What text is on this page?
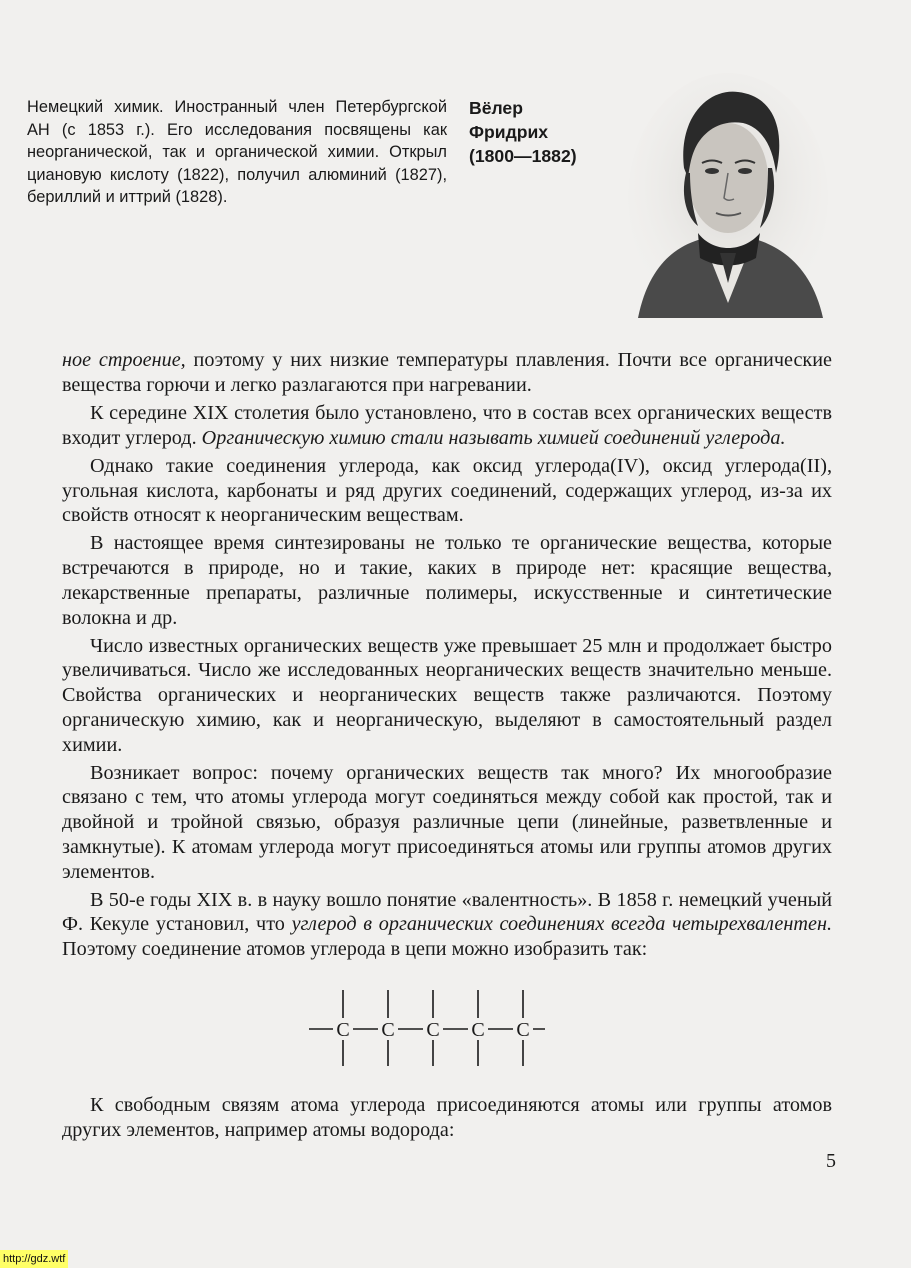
Немецкий химик. Иностранный член Петербургской АН (с 1853 г.). Его исследования посвящены как неорганической, так и органической химии. Открыл циановую кислоту (1822), получил алюминий (1827), бериллий и иттрий (1828).
Вёлер
Фридрих
(1800—1882)

ное строение, поэтому у них низкие температуры плавления. Почти все органические вещества горючи и легко разлагаются при нагревании.

К середине XIX столетия было установлено, что в состав всех органических веществ входит углерод. Органическую химию стали называть химией соединений углерода.

Однако такие соединения углерода, как оксид углерода(IV), оксид углерода(II), угольная кислота, карбонаты и ряд других соединений, содержащих углерод, из-за их свойств относят к неорганическим веществам.

В настоящее время синтезированы не только те органические вещества, которые встречаются в природе, но и такие, каких в природе нет: красящие вещества, лекарственные препараты, различные полимеры, искусственные и синтетические волокна и др.

Число известных органических веществ уже превышает 25 млн и продолжает быстро увеличиваться. Число же исследованных неорганических веществ значительно меньше. Свойства органических и неорганических веществ также различаются. Поэтому органическую химию, как и неорганическую, выделяют в самостоятельный раздел химии.

Возникает вопрос: почему органических веществ так много? Их многообразие связано с тем, что атомы углерода могут соединяться между собой как простой, так и двойной и тройной связью, образуя различные цепи (линейные, разветвленные и замкнутые). К атомам углерода могут присоединяться атомы или группы атомов других элементов.

В 50-е годы XIX в. в науку вошло понятие «валентность». В 1858 г. немецкий ученый Ф. Кекуле установил, что углерод в органических соединениях всегда четырехвалентен. Поэтому соединение атомов углерода в цепи можно изобразить так:

C C C C C
К свободным связям атома углерода присоединяются атомы или группы атомов других элементов, например атомы водорода:
5
http://gdz.wtf
